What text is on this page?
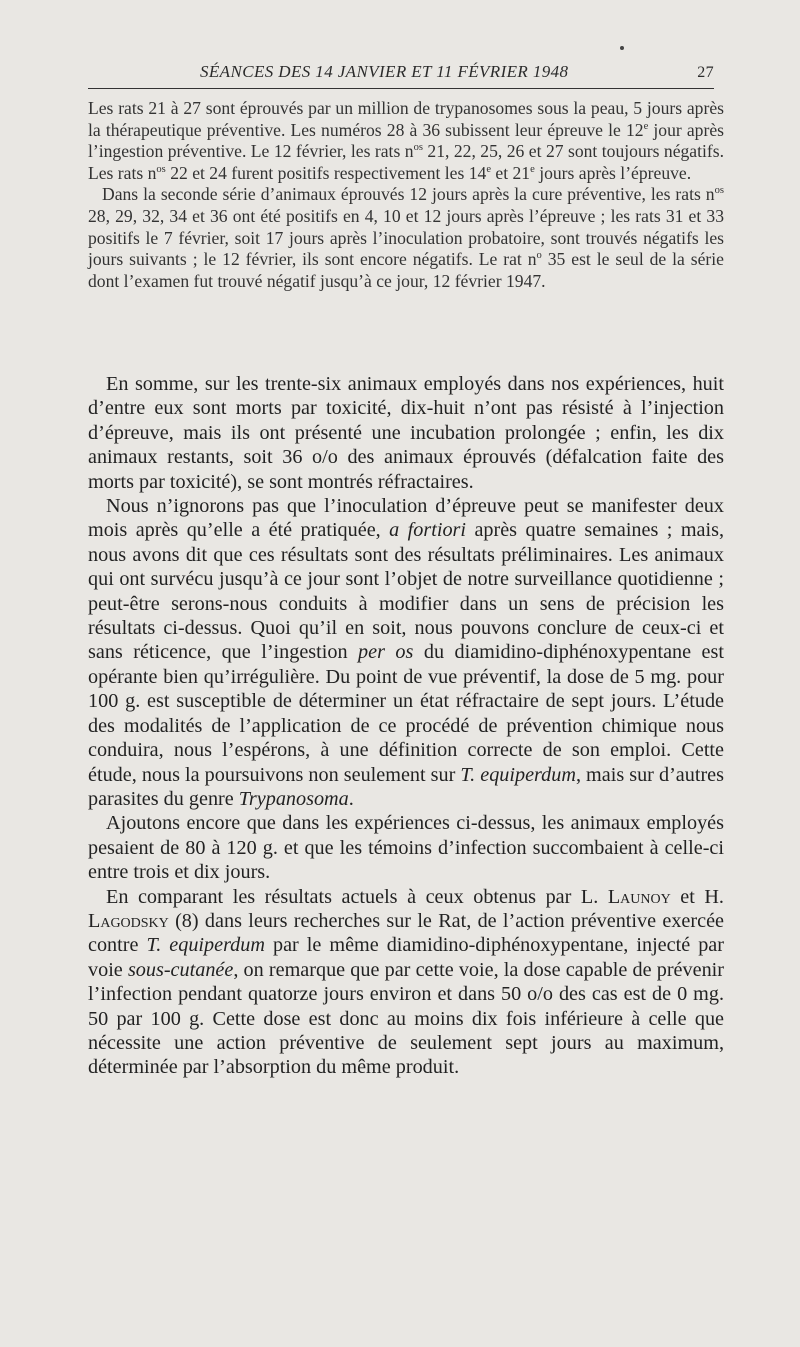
SÉANCES DES 14 JANVIER ET 11 FÉVRIER 1948	27

Les rats 21 à 27 sont éprouvés par un million de trypanosomes sous la peau, 5 jours après la thérapeutique préventive. Les numéros 28 à 36 subissent leur épreuve le 12e jour après l’ingestion préventive. Le 12 février, les rats $n^{os}$ 21, 22, 25, 26 et 27 sont toujours négatifs. Les rats $n^{os}$ 22 et 24 furent positifs respectivement les 14e et 21e jours après l’épreuve.

Dans la seconde série d’animaux éprouvés 12 jours après la cure préventive, les rats $n^{os}$ 28, 29, 32, 34 et 36 ont été positifs en 4, 10 et 12 jours après l’épreuve ; les rats 31 et 33 positifs le 7 février, soit 17 jours après l’inoculation probatoire, sont trouvés négatifs les jours suivants ; le 12 février, ils sont encore négatifs. Le rat $n^o$ 35 est le seul de la série dont l’examen fut trouvé négatif jusqu’à ce jour, 12 février 1947.

En somme, sur les trente-six animaux employés dans nos expériences, huit d’entre eux sont morts par toxicité, dix-huit n’ont pas résisté à l’injection d’épreuve, mais ils ont présenté une incubation prolongée ; enfin, les dix animaux restants, soit 36 o/o des animaux éprouvés (défalcation faite des morts par toxicité), se sont montrés réfractaires.

Nous n’ignorons pas que l’inoculation d’épreuve peut se manifester deux mois après qu’elle a été pratiquée, a fortiori après quatre semaines ; mais, nous avons dit que ces résultats sont des résultats préliminaires. Les animaux qui ont survécu jusqu’à ce jour sont l’objet de notre surveillance quotidienne ; peut-être serons-nous conduits à modifier dans un sens de précision les résultats ci-dessus. Quoi qu’il en soit, nous pouvons conclure de ceux-ci et sans réticence, que l’ingestion per os du diamidino-diphénoxypentane est opérante bien qu’irrégulière. Du point de vue préventif, la dose de 5 mg. pour 100 g. est susceptible de déterminer un état réfractaire de sept jours. L’étude des modalités de l’application de ce procédé de prévention chimique nous conduira, nous l’espérons, à une définition correcte de son emploi. Cette étude, nous la poursuivons non seulement sur T. equiperdum, mais sur d’autres parasites du genre Trypanosoma.

Ajoutons encore que dans les expériences ci-dessus, les animaux employés pesaient de 80 à 120 g. et que les témoins d’infection succombaient à celle-ci entre trois et dix jours.

En comparant les résultats actuels à ceux obtenus par L. Launoy et H. Lagodsky (8) dans leurs recherches sur le Rat, de l’action préventive exercée contre T. equiperdum par le même diamidino-diphénoxypentane, injecté par voie sous-cutanée, on remarque que par cette voie, la dose capable de prévenir l’infection pendant quatorze jours environ et dans 50 o/o des cas est de 0 mg. 50 par 100 g. Cette dose est donc au moins dix fois inférieure à celle que nécessite une action préventive de seulement sept jours au maximum, déterminée par l’absorption du même produit.
